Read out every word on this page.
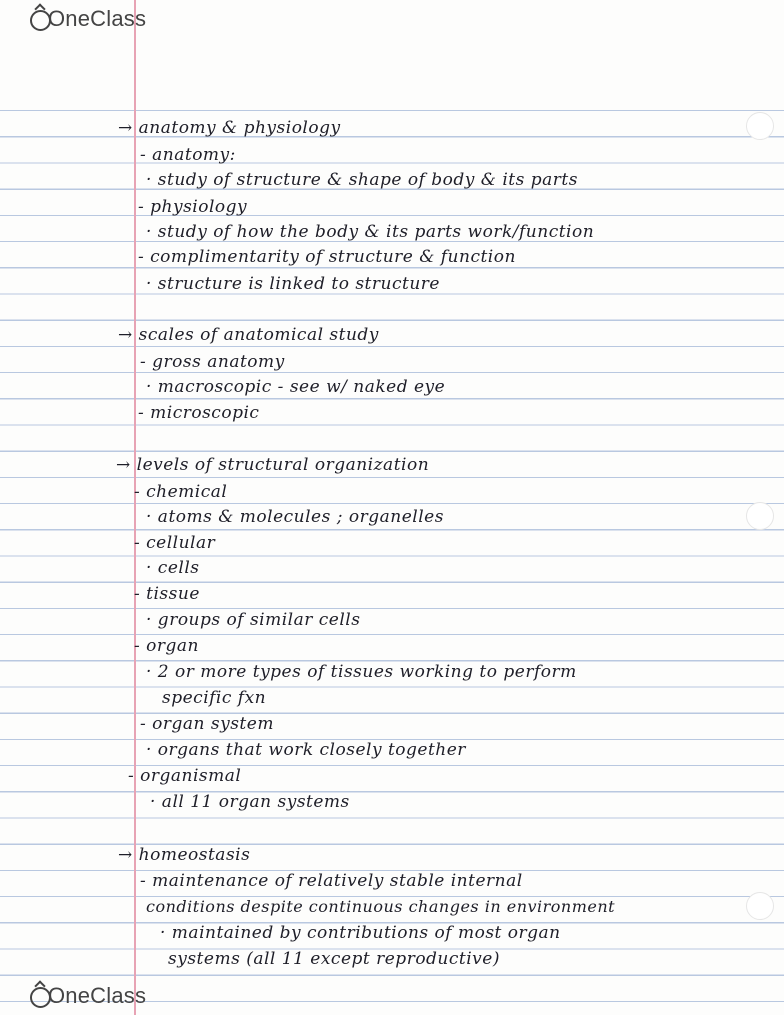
OneClass
OneClass
→ anatomy & physiology
- anatomy:
· study of structure & shape of body & its parts
- physiology
· study of how the body & its parts work/function
- complimentarity of structure & function
· structure is linked to structure
→ scales of anatomical study
- gross anatomy
· macroscopic - see w/ naked eye
- microscopic
→ levels of structural organization
- chemical
· atoms & molecules ; organelles
- cellular
· cells
- tissue
· groups of similar cells
- organ
· 2 or more types of tissues working to perform
specific fxn
- organ system
· organs that work closely together
- organismal
· all 11 organ systems
→ homeostasis
- maintenance of relatively stable internal
conditions despite continuous changes in environment
· maintained by contributions of most organ
systems (all 11 except reproductive)
